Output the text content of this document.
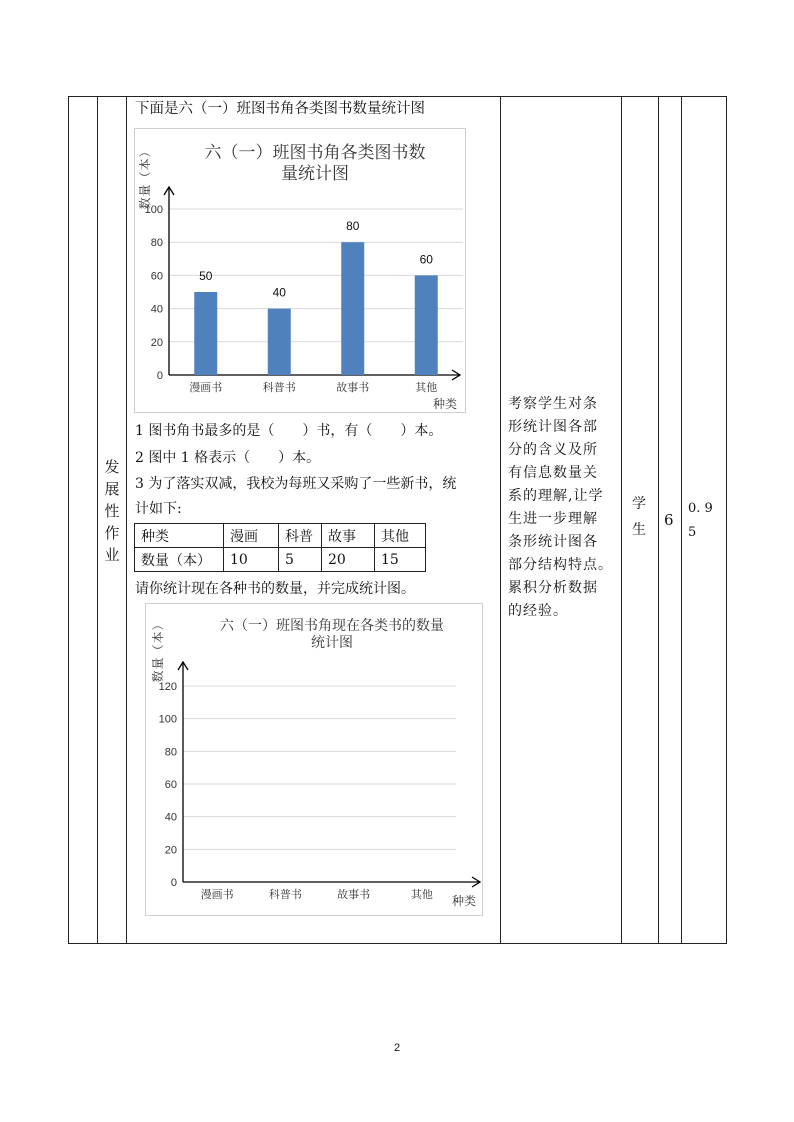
发
展
性
作
业
下面是六（一）班图书角各类图书数量统计图
六（一）班图书角各类图书数
量统计图
0
20
40
60
80
100
数量（本）
种类
漫画书
50
科普书
40
故事书
80
其他
60
1 图书角书最多的是（　　）书，有（　　）本。
2 图中 1 格表示（　　）本。
3 为了落实双减，我校为每班又采购了一些新书，统
计如下:
种类	漫画	科普	故事	其他
数量（本）	10	5	20	15
请你统计现在各种书的数量，并完成统计图。
六（一）班图书角现在各类书的数量
统计图
0
20
40
60
80
100
120
数量（本）
种类
漫画书	科普书	故事书	其他
考察学生对条
形统计图各部
分的含义及所
有信息数量关
系的理解,让学
生进一步理解
条形统计图各
部分结构特点。
累积分析数据
的经验。
学
生
6
0. 9
5
2
